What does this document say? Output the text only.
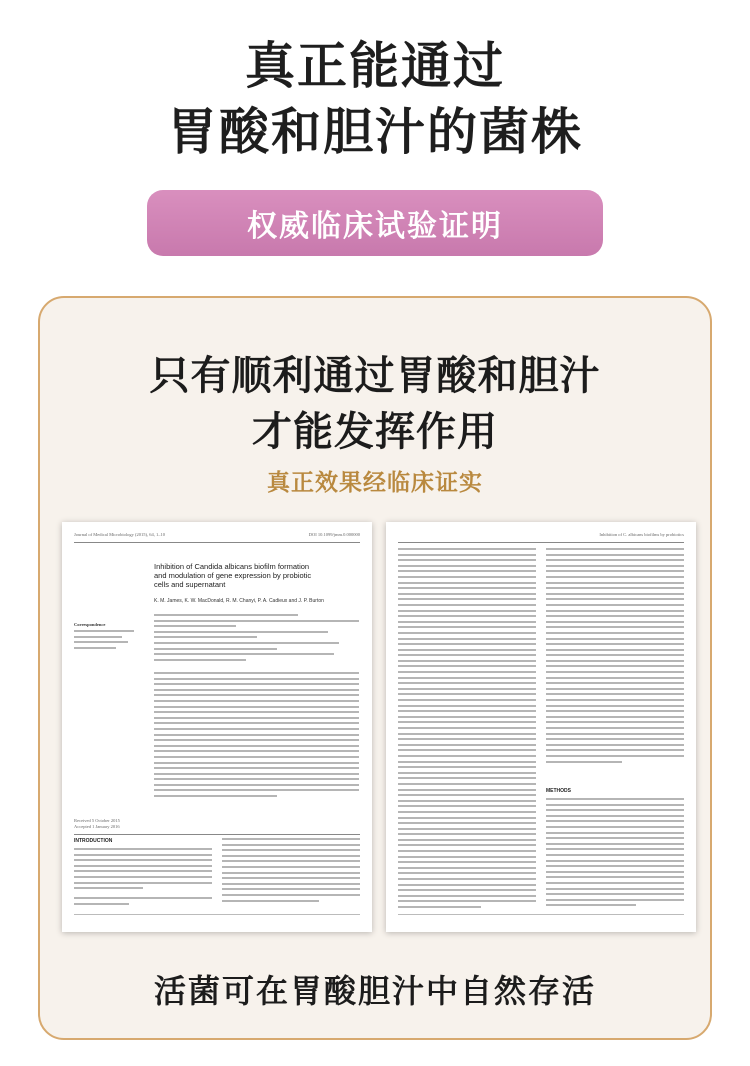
真正能通过
胃酸和胆汁的菌株
权威临床试验证明
只有顺利通过胃酸和胆汁
才能发挥作用
真正效果经临床证实
Journal of Medical Microbiology (2015), 64, 1–10	DOI 10.1099/jmm.0.000000
Inhibition of Candida albicans biofilm formation
and modulation of gene expression by probiotic
cells and supernatant
K. M. James, K. W. MacDonald, R. M. Chanyi, P. A. Cadieux and J. P. Burton
Correspondence
Received 5 October 2015
Accepted 1 January 2016
INTRODUCTION
Inhibition of C. albicans biofilms by probiotics
METHODS
活菌可在胃酸胆汁中自然存活
